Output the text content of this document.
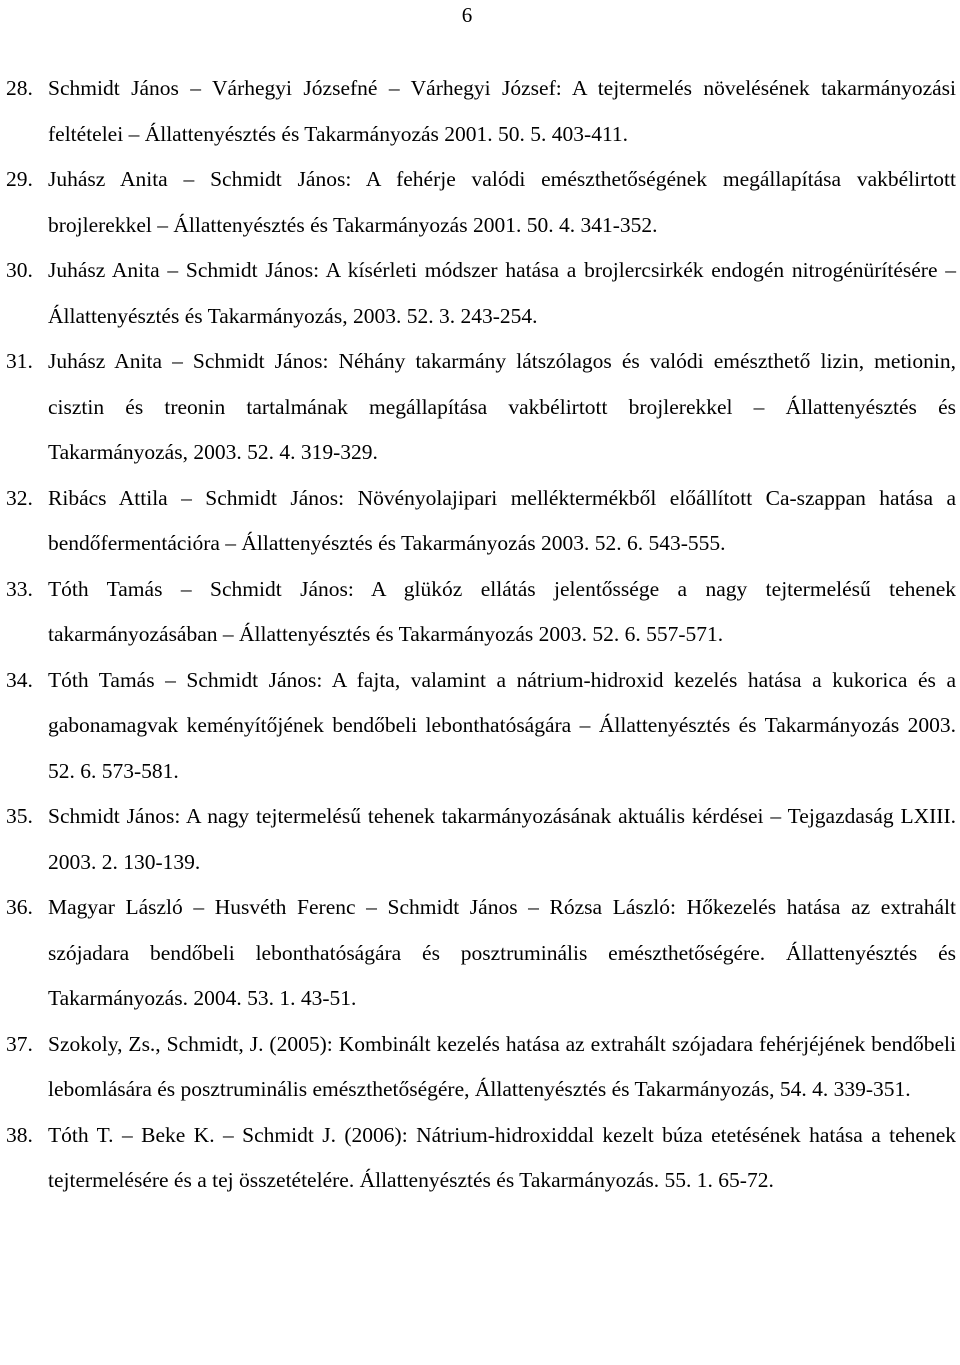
6
28. Schmidt János – Várhegyi Józsefné – Várhegyi József: A tejtermelés növelésének takarmányozási feltételei – Állattenyésztés és Takarmányozás 2001. 50. 5. 403-411.

29. Juhász Anita – Schmidt János: A fehérje valódi emészthetőségének megállapítása vakbélirtott brojlerekkel – Állattenyésztés és Takarmányozás 2001. 50. 4. 341-352.

30. Juhász Anita – Schmidt János: A kísérleti módszer hatása a brojlercsirkék endogén nitrogénürítésére – Állattenyésztés és Takarmányozás, 2003. 52. 3. 243-254.

31. Juhász Anita – Schmidt János: Néhány takarmány látszólagos és valódi emészthető lizin, metionin, cisztin és treonin tartalmának megállapítása vakbélirtott brojlerekkel – Állattenyésztés és Takarmányozás, 2003. 52. 4. 319-329.

32. Ribács Attila – Schmidt János: Növényolajipari melléktermékből előállított Ca-szappan hatása a bendőfermentációra – Állattenyésztés és Takarmányozás 2003. 52. 6. 543-555.

33. Tóth Tamás – Schmidt János: A glükóz ellátás jelentőssége a nagy tejtermelésű tehenek takarmányozásában – Állattenyésztés és Takarmányozás 2003. 52. 6. 557-571.

34. Tóth Tamás – Schmidt János: A fajta, valamint a nátrium-hidroxid kezelés hatása a kukorica és a gabonamagvak keményítőjének bendőbeli lebonthatóságára – Állattenyésztés és Takarmányozás 2003. 52. 6. 573-581.

35. Schmidt János: A nagy tejtermelésű tehenek takarmányozásának aktuális kérdései – Tejgazdaság LXIII. 2003. 2. 130-139.

36. Magyar László – Husvéth Ferenc – Schmidt János – Rózsa László: Hőkezelés hatása az extrahált szójadara bendőbeli lebonthatóságára és posztruminális emészthetőségére. Állattenyésztés és Takarmányozás. 2004. 53. 1. 43-51.

37. Szokoly, Zs., Schmidt, J. (2005): Kombinált kezelés hatása az extrahált szójadara fehérjéjének bendőbeli lebomlására és posztruminális emészthetőségére, Állattenyésztés és Takarmányozás, 54. 4. 339-351.

38. Tóth T. – Beke K. – Schmidt J. (2006): Nátrium-hidroxiddal kezelt búza etetésének hatása a tehenek tejtermelésére és a tej összetételére. Állattenyésztés és Takarmányozás. 55. 1. 65-72.
